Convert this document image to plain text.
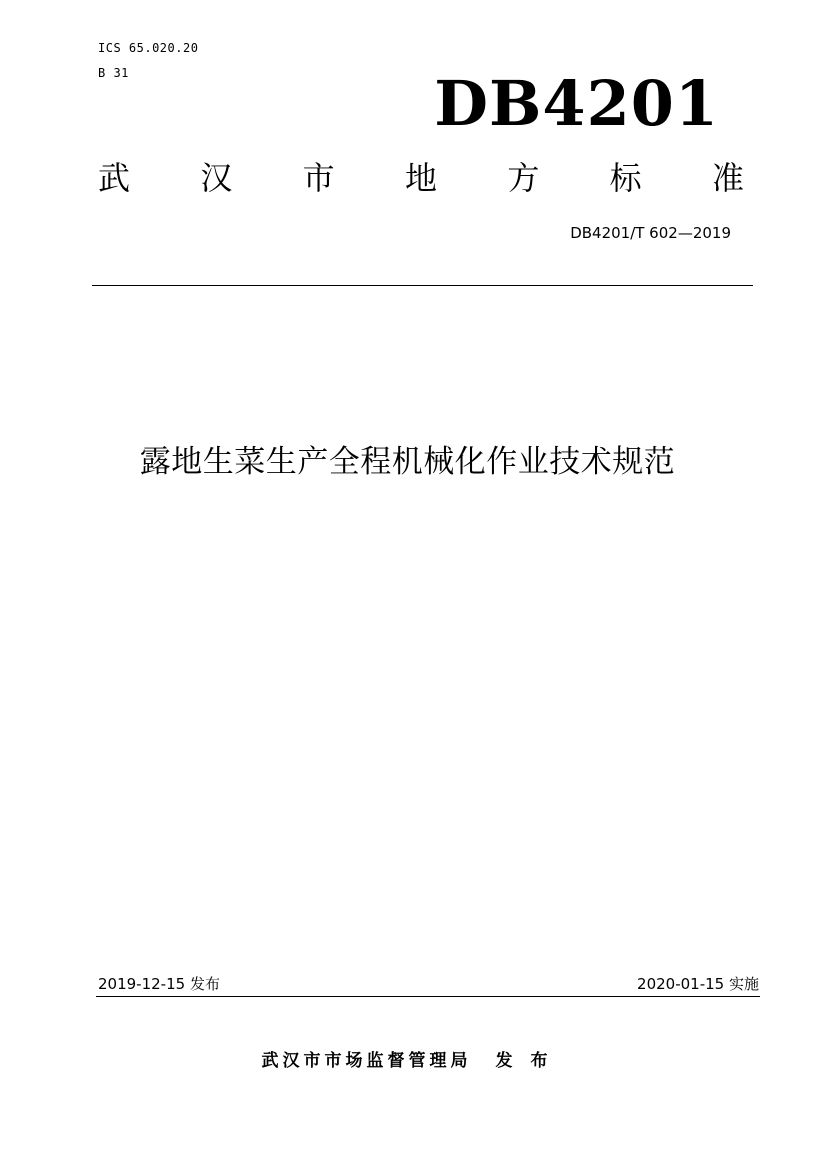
ICS 65.020.20
B 31	DB4201
武 汉 市 地 方 标 准
DB4201/T 602—2019
露地生菜生产全程机械化作业技术规范
2019-12-15 发布	2020-01-15 实施
武汉市市场监督管理局 发 布
